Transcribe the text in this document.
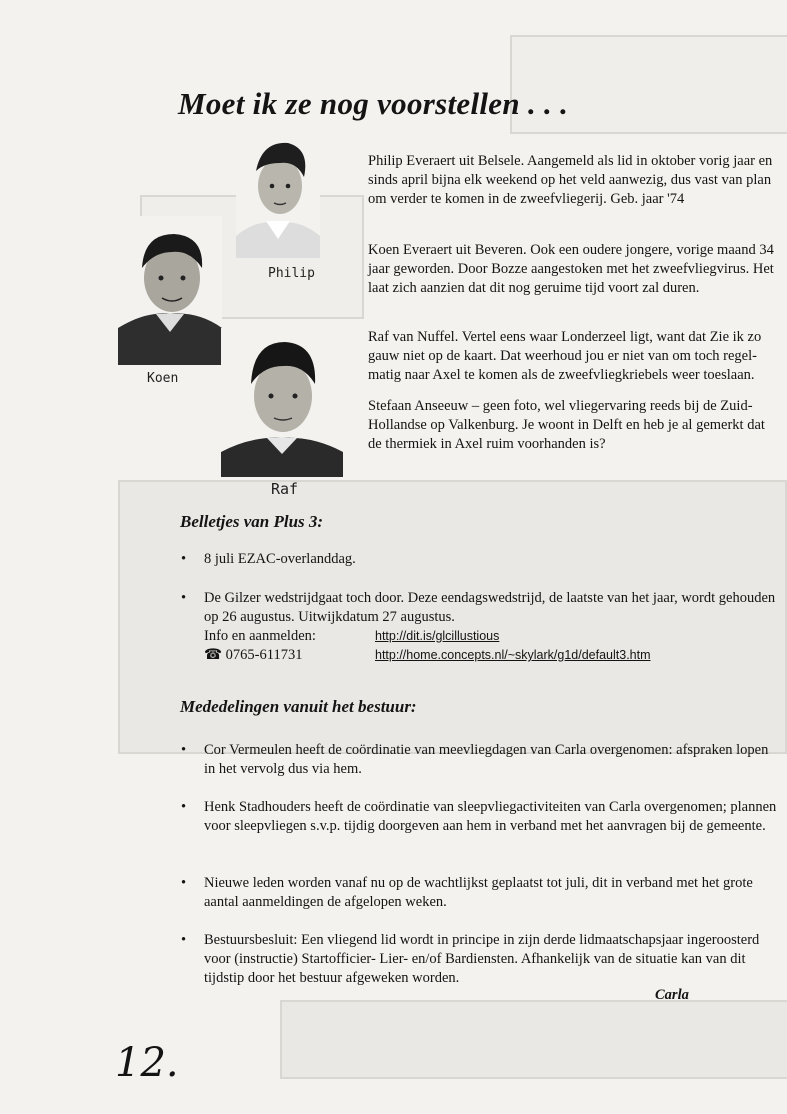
Moet ik ze nog voorstellen . . .
Philip
Koen
Raf

Philip Everaert uit Belsele. Aangemeld als lid in oktober vorig jaar en sinds april bijna elk weekend op het veld aanwezig, dus vast van plan om verder te komen in de zweefvliegerij. Geb. jaar '74

Koen Everaert uit Beveren. Ook een oudere jongere, vorige maand 34 jaar geworden. Door Bozze aangestoken met het zweefvliegvirus. Het laat zich aanzien dat dit nog geruime tijd voort zal duren.

Raf van Nuffel. Vertel eens waar Londerzeel ligt, want dat Zie ik zo gauw niet op de kaart. Dat weerhoud jou er niet van om toch regel-matig naar Axel te komen als de zweefvliegkriebels weer toeslaan.

Stefaan Anseeuw – geen foto, wel vliegervaring reeds bij de Zuid-Hollandse op Valkenburg. Je woont in Delft en heb je al gemerkt dat de thermiek in Axel ruim voorhanden is?

Belletjes van Plus 3:
• 8 juli EZAC-overlanddag.
• De Gilzer wedstrijdgaat toch door. Deze eendagswedstrijd, de laatste van het jaar, wordt gehouden op 26 augustus. Uitwijkdatum 27 augustus.
Info en aanmelden:	http://dit.is/glcillustious
☎ 0765-611731	http://home.concepts.nl/~skylark/g1d/default3.htm
Mededelingen vanuit het bestuur:
• Cor Vermeulen heeft de coördinatie van meevliegdagen van Carla overgenomen: afspraken lopen in het vervolg dus via hem.
• Henk Stadhouders heeft de coördinatie van sleepvliegactiviteiten van Carla overgenomen; plannen voor sleepvliegen s.v.p. tijdig doorgeven aan hem in verband met het aanvragen bij de gemeente.
• Nieuwe leden worden vanaf nu op de wachtlijkst geplaatst tot juli, dit in verband met het grote aantal aanmeldingen de afgelopen weken.
• Bestuursbesluit: Een vliegend lid wordt in principe in zijn derde lidmaatschapsjaar ingeroosterd voor (instructie) Startofficier- Lier- en/of Bardiensten. Afhankelijk van de situatie kan van dit tijdstip door het bestuur afgeweken worden.
Carla
12.
